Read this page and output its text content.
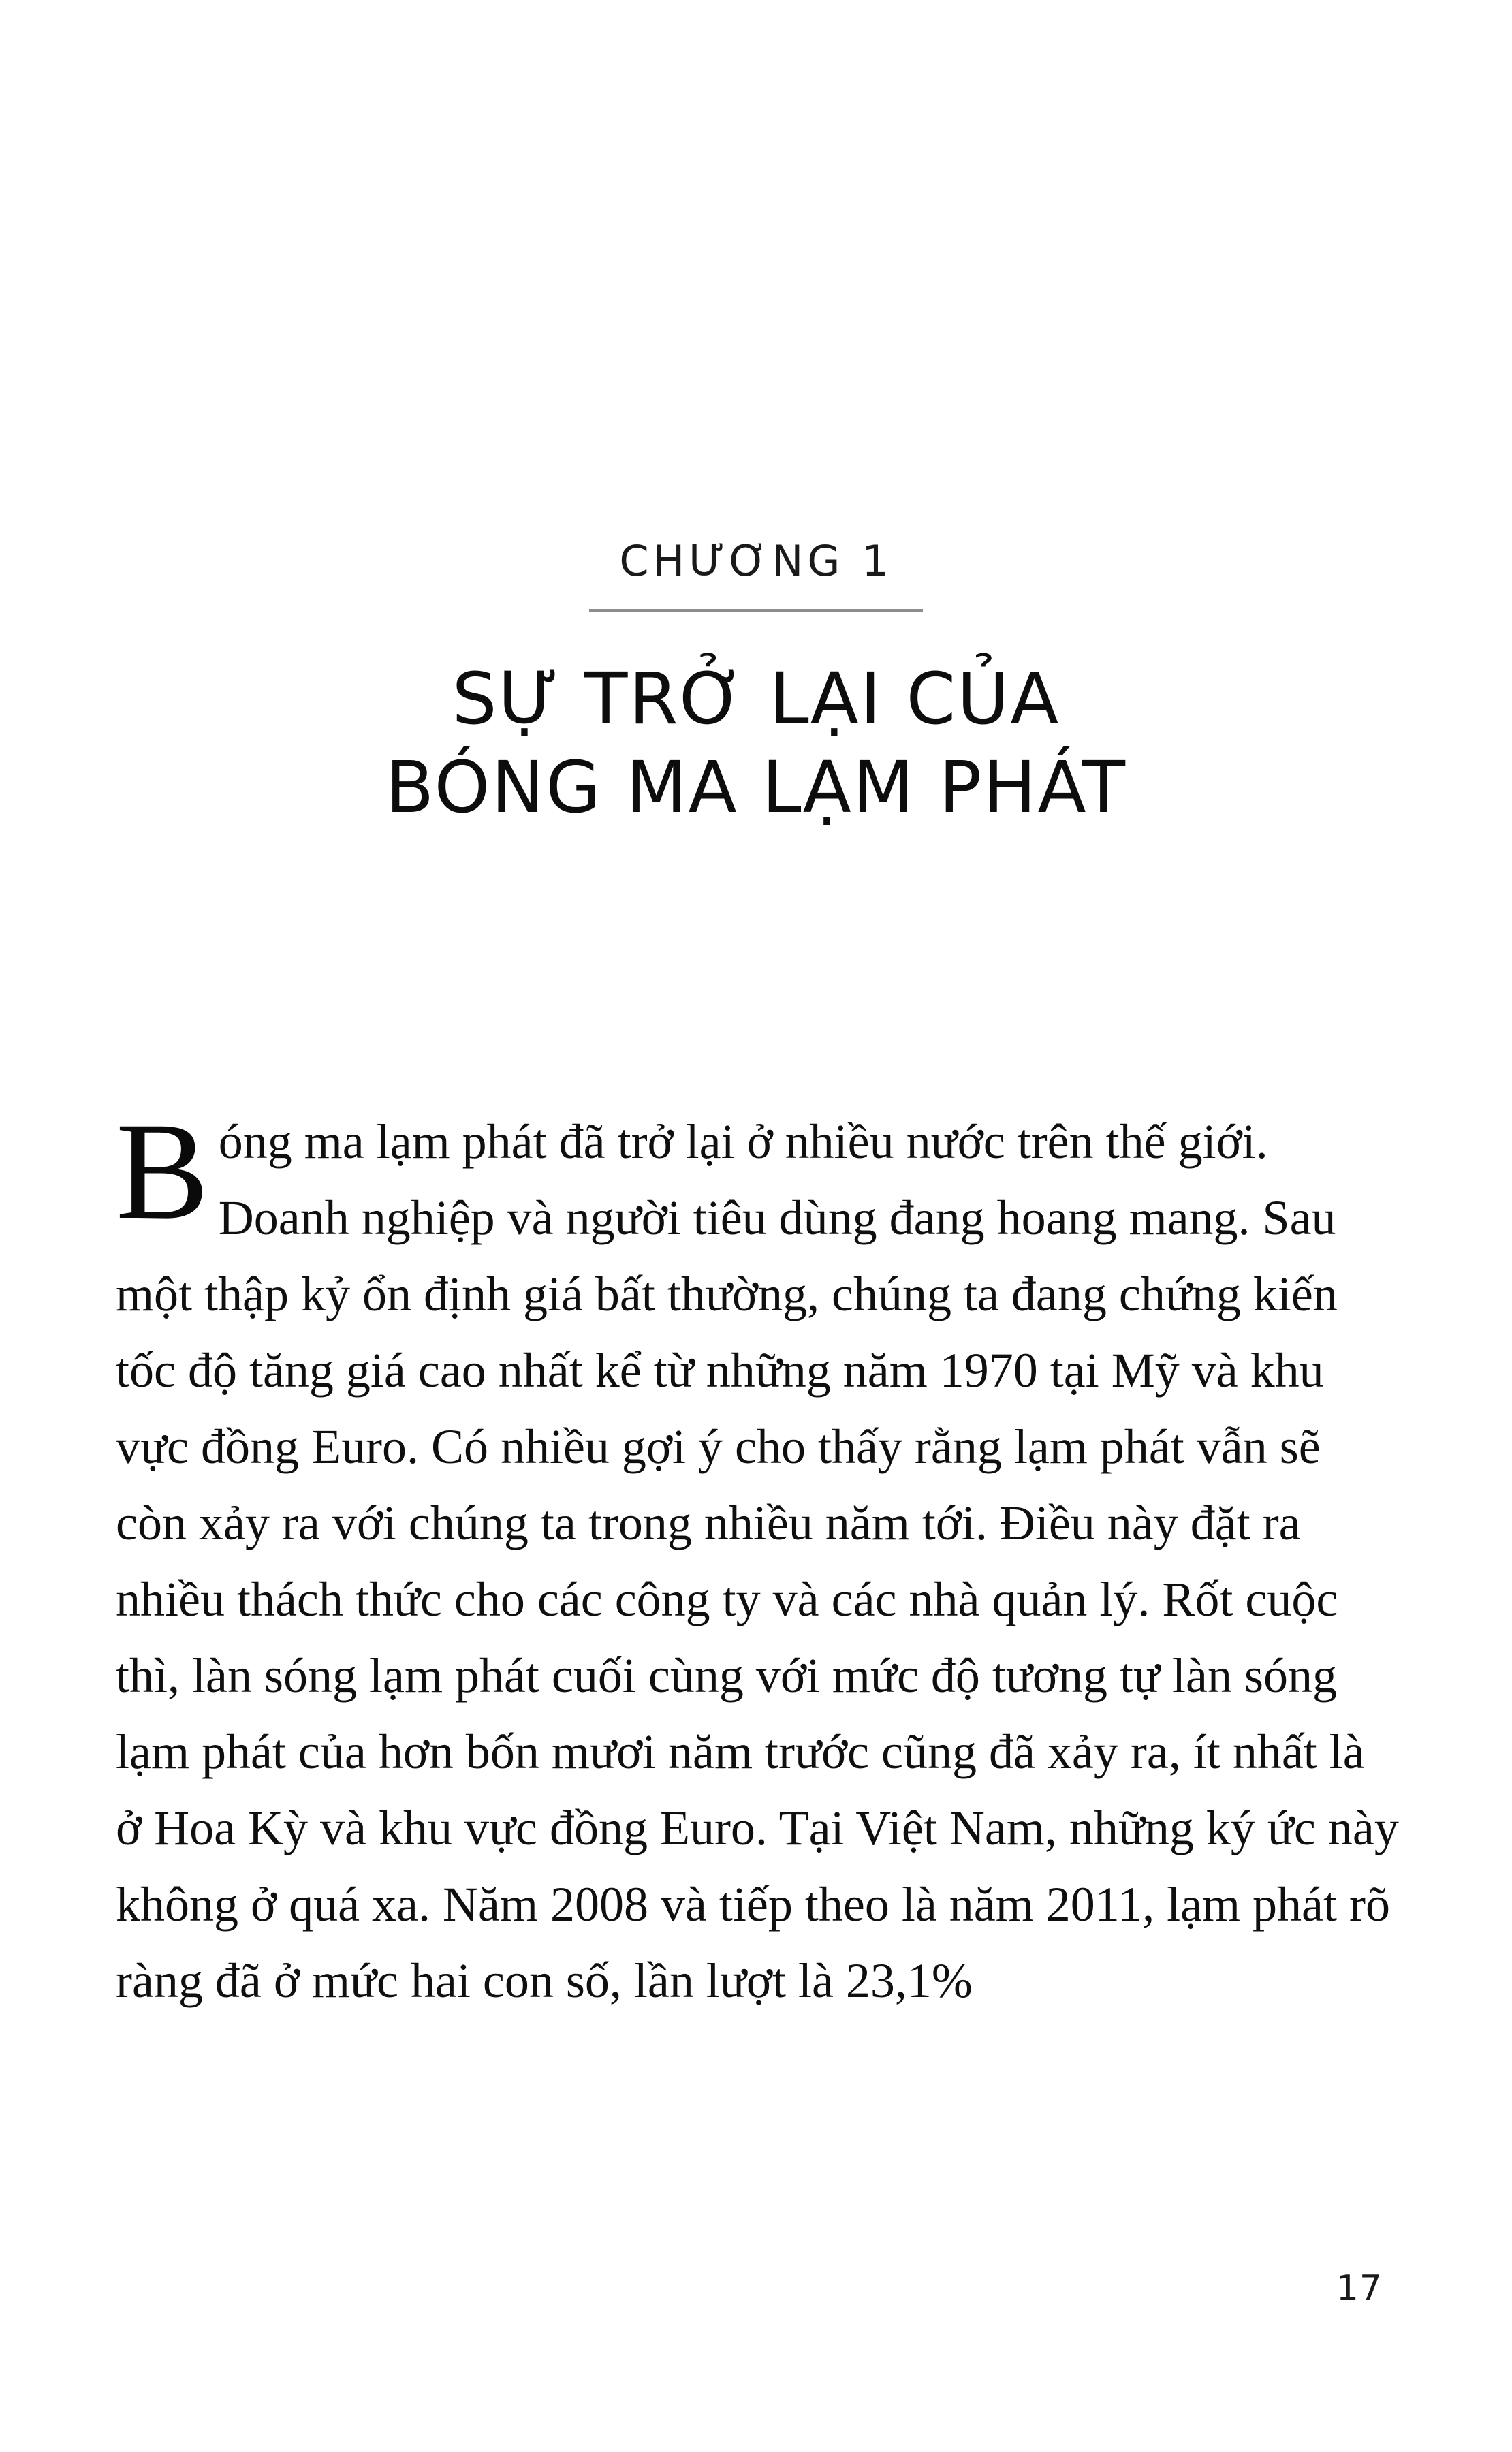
CHƯƠNG 1
SỰ TRỞ LẠI CỦA
BÓNG MA LẠM PHÁT
B óng ma lạm phát đã trở lại ở nhiều nước trên thế giới. Doanh nghiệp và người tiêu dùng đang hoang mang. Sau một thập kỷ ổn định giá bất thường, chúng ta đang chứng kiến tốc độ tăng giá cao nhất kể từ những năm 1970 tại Mỹ và khu vực đồng Euro. Có nhiều gợi ý cho thấy rằng lạm phát vẫn sẽ còn xảy ra với chúng ta trong nhiều năm tới. Điều này đặt ra nhiều thách thức cho các công ty và các nhà quản lý. Rốt cuộc thì, làn sóng lạm phát cuối cùng với mức độ tương tự làn sóng lạm phát của hơn bốn mươi năm trước cũng đã xảy ra, ít nhất là ở Hoa Kỳ và khu vực đồng Euro. Tại Việt Nam, những ký ức này không ở quá xa. Năm 2008 và tiếp theo là năm 2011, lạm phát rõ ràng đã ở mức hai con số, lần lượt là 23,1%

17
